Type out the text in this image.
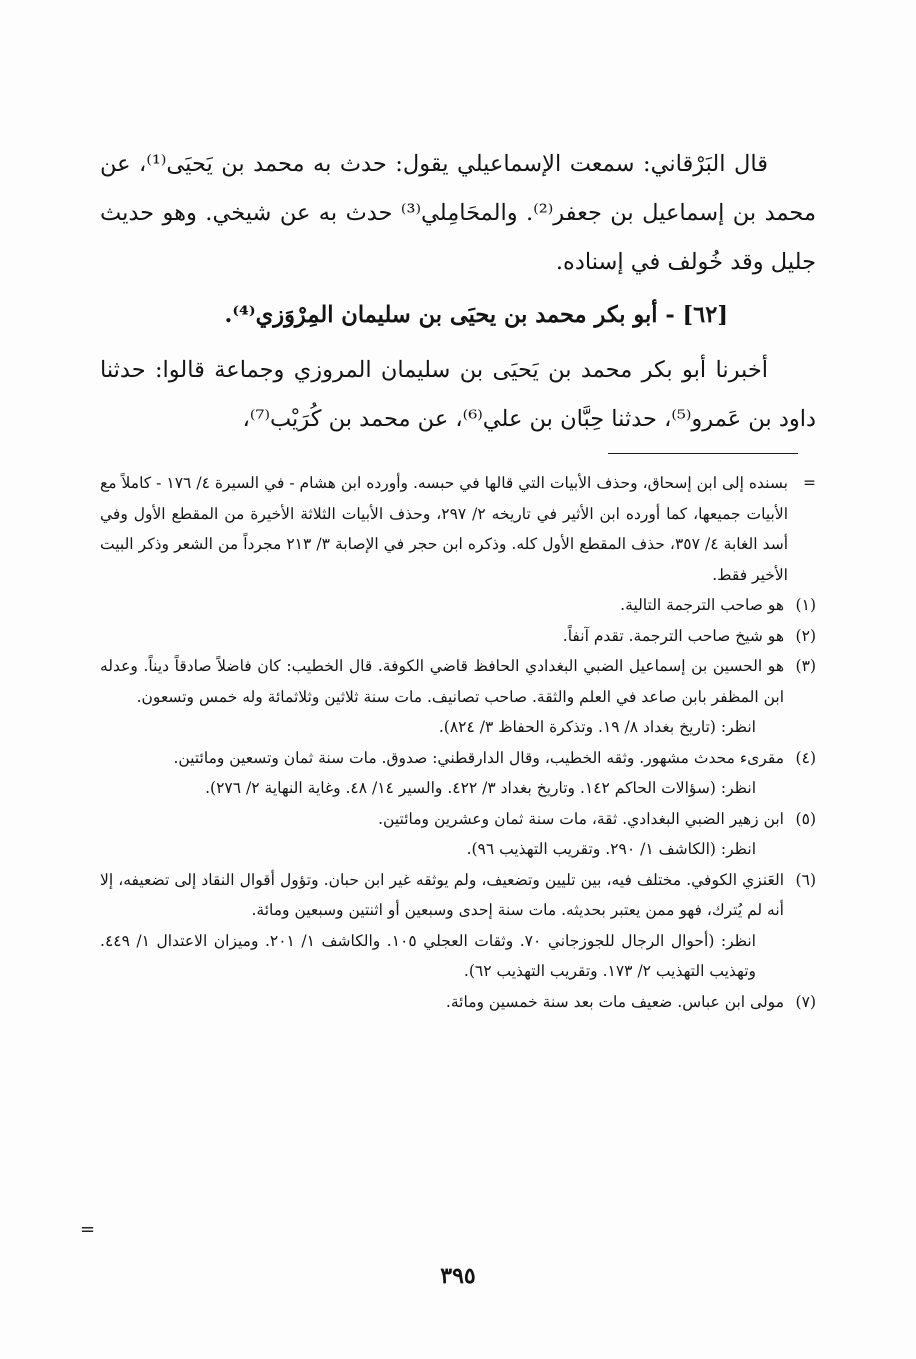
قال البَرْقاني: سمعت الإسماعيلي يقول: حدث به محمد بن يَحيَى⁽¹⁾، عن محمد بن إسماعيل بن جعفر⁽²⁾. والمحَامِلي⁽³⁾ حدث به عن شيخي. وهو حديث جليل وقد خُولف في إسناده.

[٦٢] - أبو بكر محمد بن يحيَى بن سليمان المِرْوَزي⁽⁴⁾.

أخبرنا أبو بكر محمد بن يَحيَى بن سليمان المروزي وجماعة قالوا: حدثنا داود بن عَمرو⁽⁵⁾، حدثنا حِبَّان بن علي⁽⁶⁾، عن محمد بن كُرَيْب⁽⁷⁾،

=
بسنده إلى ابن إسحاق، وحذف الأبيات التي قالها في حبسه. وأورده ابن هشام - في السيرة ٤/ ١٧٦ - كاملاً مع الأبيات جميعها، كما أورده ابن الأثير في تاريخه ٢/ ٢٩٧، وحذف الأبيات الثلاثة الأخيرة من المقطع الأول وفي أسد الغابة ٤/ ٣٥٧، حذف المقطع الأول كله. وذكره ابن حجر في الإصابة ٣/ ٢١٣ مجرداً من الشعر وذكر البيت الأخير فقط.
(١)
هو صاحب الترجمة التالية.
(٢)
هو شيخ صاحب الترجمة. تقدم آنفاً.
(٣)
هو الحسين بن إسماعيل الضبي البغدادي الحافظ قاضي الكوفة. قال الخطيب: كان فاضلاً صادقاً ديناً. وعدله ابن المظفر بابن صاعد في العلم والثقة. صاحب تصانيف. مات سنة ثلاثين وثلاثمائة وله خمس وتسعون.

انظر: (تاريخ بغداد ٨/ ١٩. وتذكرة الحفاظ ٣/ ٨٢٤).

(٤)
مقرىء محدث مشهور. وثقه الخطيب، وقال الدارقطني: صدوق. مات سنة ثمان وتسعين ومائتين.

انظر: (سؤالات الحاكم ١٤٢. وتاريخ بغداد ٣/ ٤٢٢. والسير ١٤/ ٤٨. وغاية النهاية ٢/ ٢٧٦).

(٥)
ابن زهير الضبي البغدادي. ثقة، مات سنة ثمان وعشرين ومائتين.

انظر: (الكاشف ١/ ٢٩٠. وتقريب التهذيب ٩٦).

(٦)
العَنزي الكوفي. مختلف فيه، بين تليين وتضعيف، ولم يوثقه غير ابن حبان. وتؤول أقوال النقاد إلى تضعيفه، إلا أنه لم يُترك، فهو ممن يعتبر بحديثه. مات سنة إحدى وسبعين أو اثنتين وسبعين ومائة.

انظر: (أحوال الرجال للجوزجاني ٧٠. وثقات العجلي ١٠٥. والكاشف ١/ ٢٠١. وميزان الاعتدال ١/ ٤٤٩. وتهذيب التهذيب ٢/ ١٧٣. وتقريب التهذيب ٦٢).

(٧)
مولى ابن عباس. ضعيف مات بعد سنة خمسين ومائة.
=
٣٩٥
